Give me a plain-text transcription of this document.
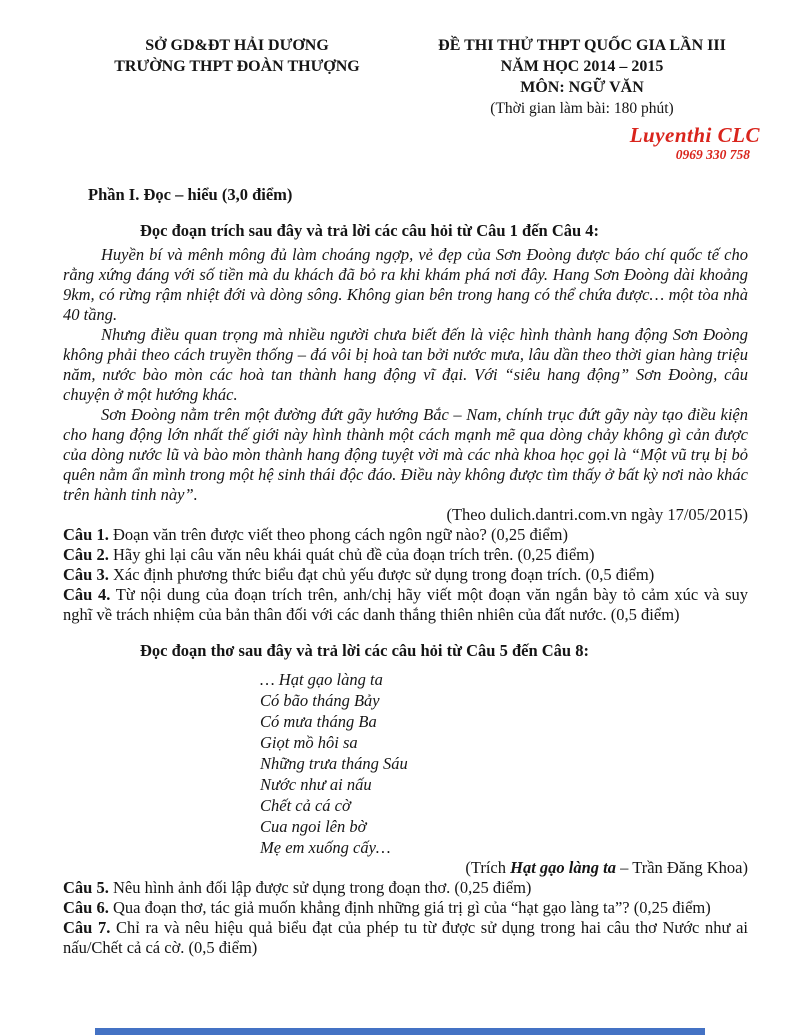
SỞ GD&ĐT HẢI DƯƠNG
TRƯỜNG THPT ĐOÀN THƯỢNG
ĐỀ THI THỬ THPT QUỐC GIA LẦN III
NĂM HỌC 2014 – 2015
MÔN: NGỮ VĂN
(Thời gian làm bài: 180 phút)
Luyenthi CLC
0969 330 758

Phần I. Đọc – hiểu (3,0 điểm)

Đọc đoạn trích sau đây và trả lời các câu hỏi từ Câu 1 đến Câu 4:

Huyền bí và mênh mông đủ làm choáng ngợp, vẻ đẹp của Sơn Đoòng được báo chí quốc tế cho rằng xứng đáng với số tiền mà du khách đã bỏ ra khi khám phá nơi đây. Hang Sơn Đoòng dài khoảng 9km, có rừng rậm nhiệt đới và dòng sông. Không gian bên trong hang có thể chứa được… một tòa nhà 40 tầng.

Nhưng điều quan trọng mà nhiều người chưa biết đến là việc hình thành hang động Sơn Đoòng không phải theo cách truyền thống – đá vôi bị hoà tan bởi nước mưa, lâu dần theo thời gian hàng triệu năm, nước bào mòn các hoà tan thành hang động vĩ đại. Với “siêu hang động” Sơn Đoòng, câu chuyện ở một hướng khác.

Sơn Đoòng nằm trên một đường đứt gãy hướng Bắc – Nam, chính trục đứt gãy này tạo điều kiện cho hang động lớn nhất thế giới này hình thành một cách mạnh mẽ qua dòng chảy không gì cản được của dòng nước lũ và bào mòn thành hang động tuyệt vời mà các nhà khoa học gọi là “Một vũ trụ bị bỏ quên nằm ẩn mình trong một hệ sinh thái độc đáo. Điều này không được tìm thấy ở bất kỳ nơi nào khác trên hành tinh này”.

(Theo dulich.dantri.com.vn ngày 17/05/2015)

Câu 1. Đoạn văn trên được viết theo phong cách ngôn ngữ nào? (0,25 điểm)

Câu 2. Hãy ghi lại câu văn nêu khái quát chủ đề của đoạn trích trên. (0,25 điểm)

Câu 3. Xác định phương thức biểu đạt chủ yếu được sử dụng trong đoạn trích. (0,5 điểm)

Câu 4. Từ nội dung của đoạn trích trên, anh/chị hãy viết một đoạn văn ngắn bày tỏ cảm xúc và suy nghĩ về trách nhiệm của bản thân đối với các danh thắng thiên nhiên của đất nước. (0,5 điểm)

Đọc đoạn thơ sau đây và trả lời các câu hỏi từ Câu 5 đến Câu 8:

… Hạt gạo làng ta
Có bão tháng Bảy
Có mưa tháng Ba
Giọt mồ hôi sa
Những trưa tháng Sáu
Nước như ai nấu
Chết cả cá cờ
Cua ngoi lên bờ
Mẹ em xuống cấy…

(Trích Hạt gạo làng ta – Trần Đăng Khoa)

Câu 5. Nêu hình ảnh đối lập được sử dụng trong đoạn thơ. (0,25 điểm)

Câu 6. Qua đoạn thơ, tác giả muốn khẳng định những giá trị gì của “hạt gạo làng ta”? (0,25 điểm)

Câu 7. Chỉ ra và nêu hiệu quả biểu đạt của phép tu từ được sử dụng trong hai câu thơ Nước như ai nấu/Chết cả cá cờ. (0,5 điểm)
